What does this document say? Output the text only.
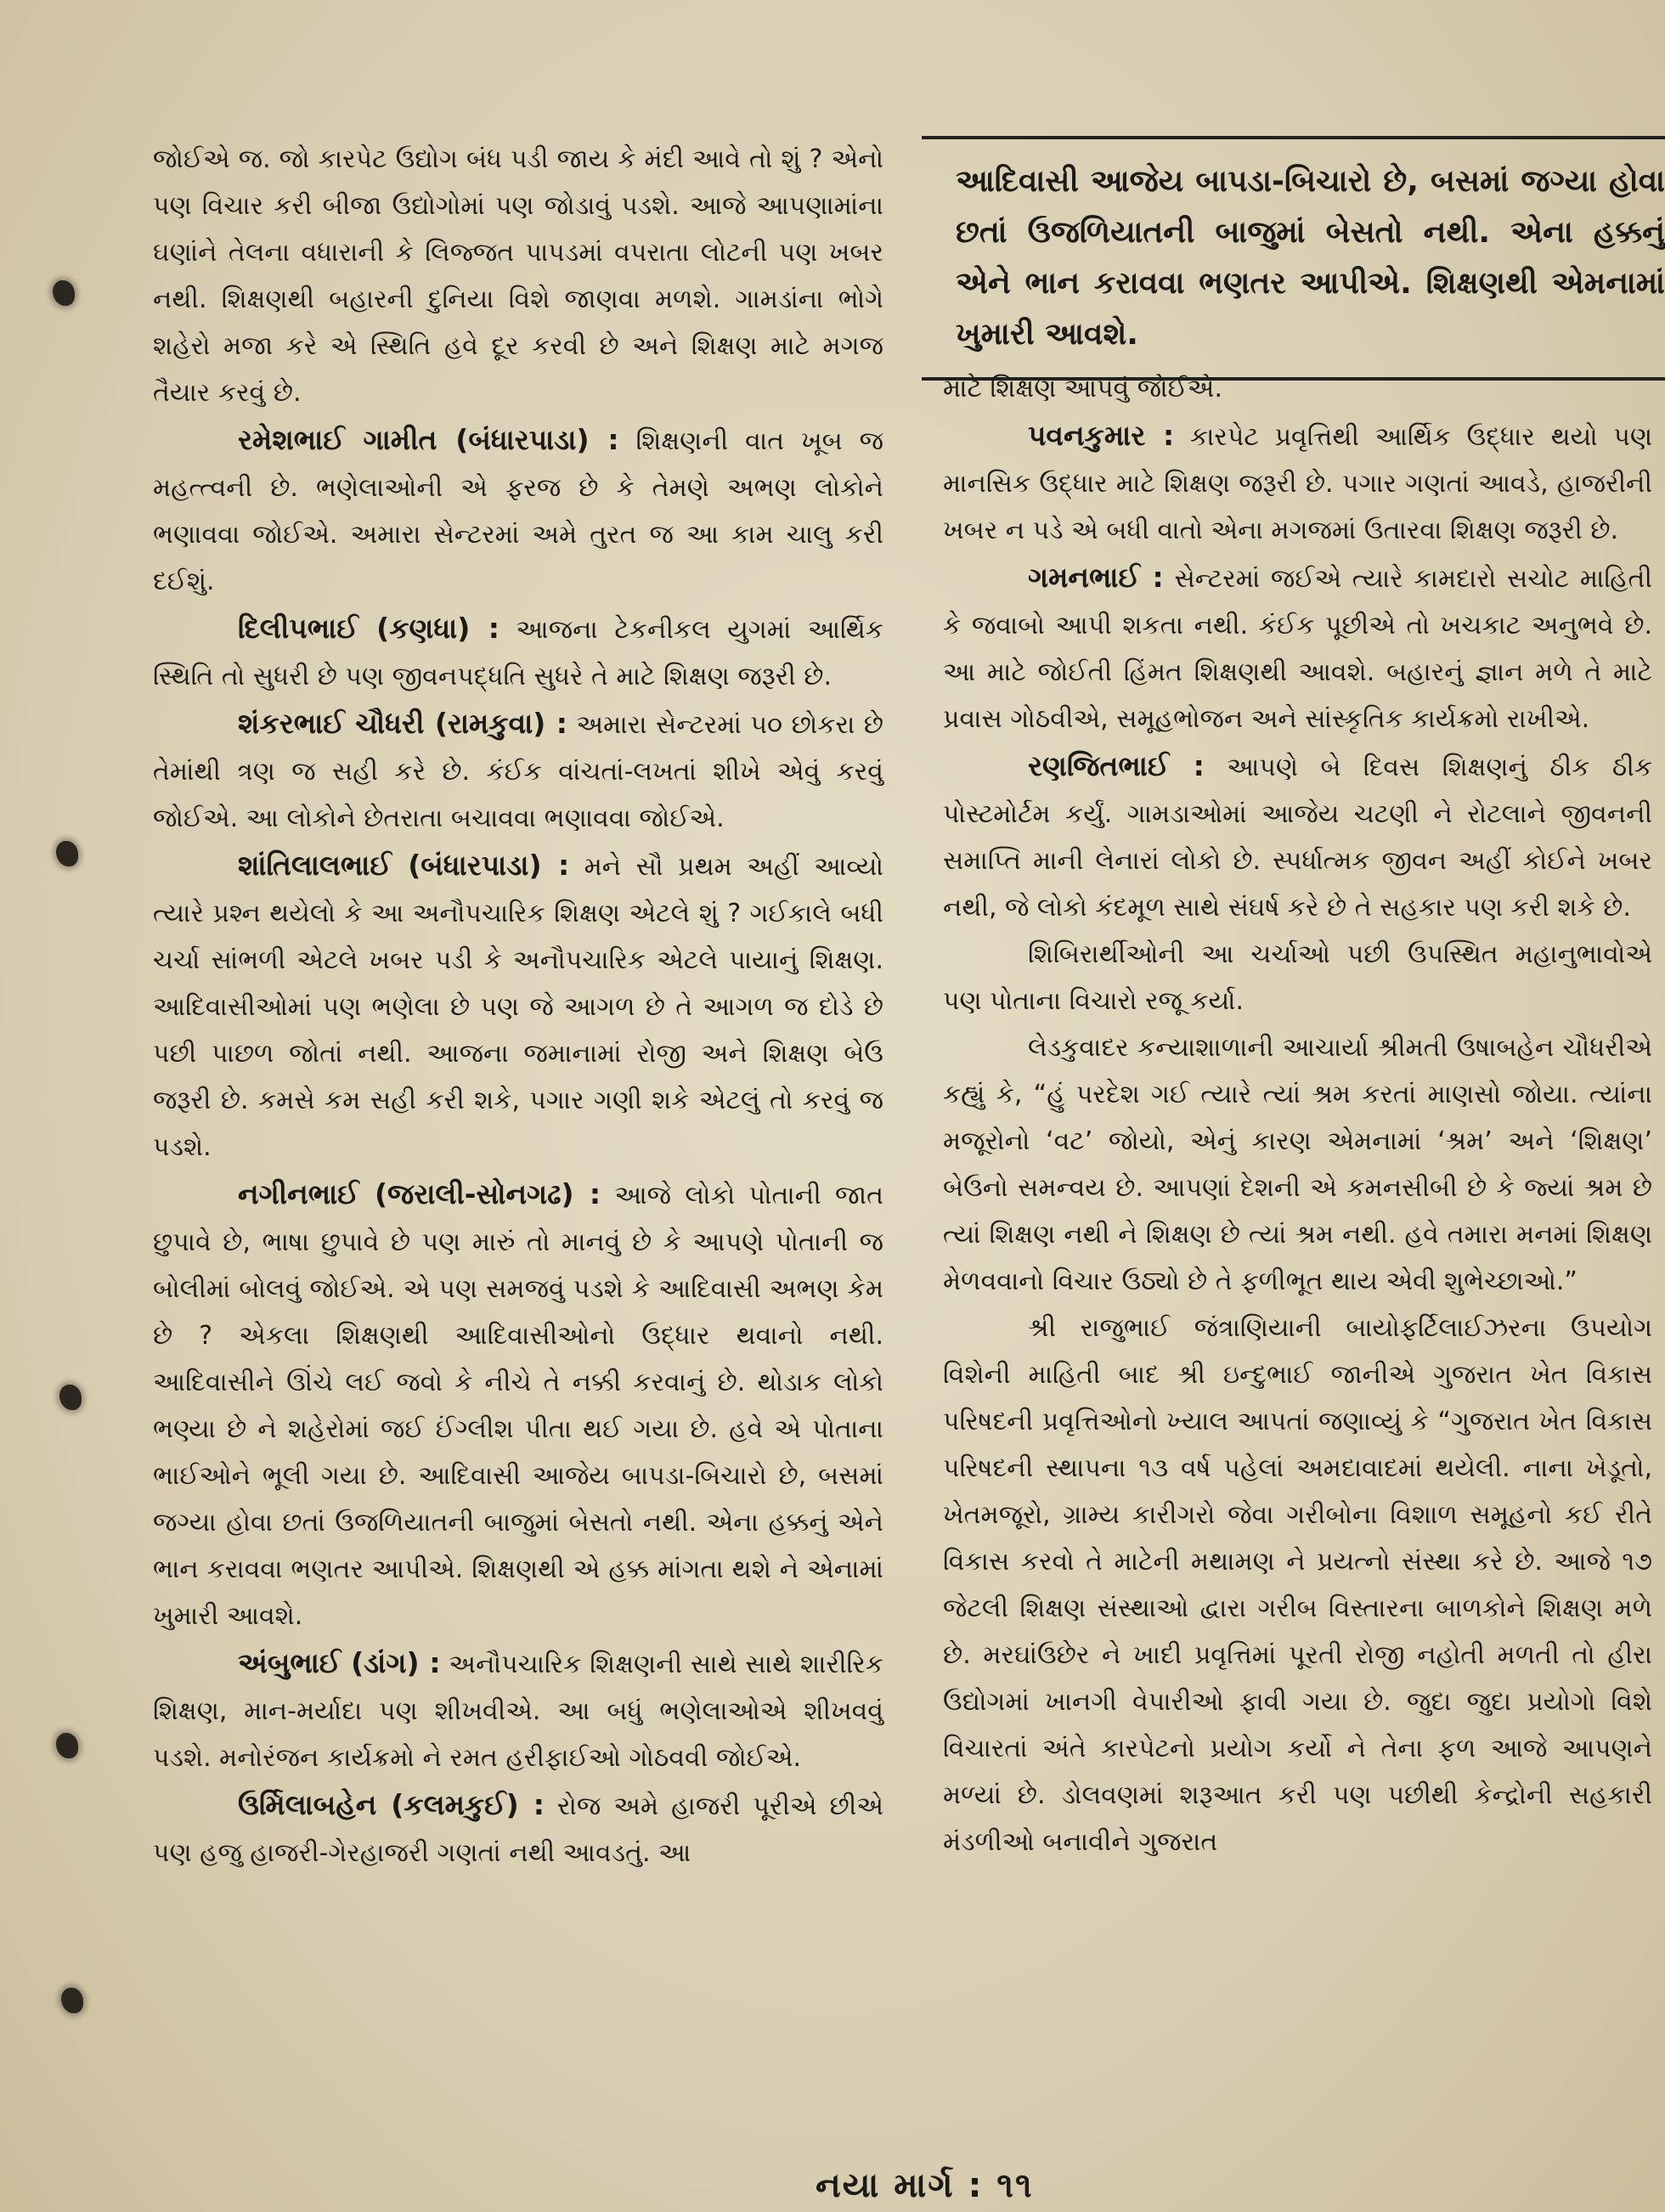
જોઈએ જ. જો કારપેટ ઉદ્યોગ બંધ પડી જાય કે મંદી આવે તો શું ? એનો પણ વિચાર કરી બીજા ઉદ્યોગોમાં પણ જોડાવું પડશે. આજે આપણામાંના ઘણાંને તેલના વધારાની કે લિજ્જત પાપડમાં વપરાતા લોટની પણ ખબર નથી. શિક્ષણથી બહારની દુનિયા વિશે જાણવા મળશે. ગામડાંના ભોગે શહેરો મજા કરે એ સ્થિતિ હવે દૂર કરવી છે અને શિક્ષણ માટે મગજ તૈયાર કરવું છે.

રમેશભાઈ ગામીત (બંધારપાડા) : શિક્ષણની વાત ખૂબ જ મહત્ત્વની છે. ભણેલાઓની એ ફરજ છે કે તેમણે અભણ લોકોને ભણાવવા જોઈએ. અમારા સેન્ટરમાં અમે તુરત જ આ કામ ચાલુ કરી દઈશું.

દિલીપભાઈ (કણધા) : આજના ટેકનીકલ યુગમાં આર્થિક સ્થિતિ તો સુધરી છે પણ જીવનપદ્ધતિ સુધરે તે માટે શિક્ષણ જરૂરી છે.

શંકરભાઈ ચૌધરી (રામકુવા) : અમારા સેન્ટરમાં ૫૦ છોકરા છે તેમાંથી ત્રણ જ સહી કરે છે. કંઈક વાંચતાં-લખતાં શીખે એવું કરવું જોઈએ. આ લોકોને છેતરાતા બચાવવા ભણાવવા જોઈએ.

શાંતિલાલભાઈ (બંધારપાડા) : મને સૌ પ્રથમ અહીં આવ્યો ત્યારે પ્રશ્ન થયેલો કે આ અનૌપચારિક શિક્ષણ એટલે શું ? ગઈકાલે બધી ચર્ચા સાંભળી એટલે ખબર પડી કે અનૌપચારિક એટલે પાયાનું શિક્ષણ. આદિવાસીઓમાં પણ ભણેલા છે પણ જે આગળ છે તે આગળ જ દોડે છે પછી પાછળ જોતાં નથી. આજના જમાનામાં રોજી અને શિક્ષણ બેઉ જરૂરી છે. કમસે કમ સહી કરી શકે, પગાર ગણી શકે એટલું તો કરવું જ પડશે.

નગીનભાઈ (જરાલી-સોનગઢ) : આજે લોકો પોતાની જાત છુપાવે છે, ભાષા છુપાવે છે પણ મારું તો માનવું છે કે આપણે પોતાની જ બોલીમાં બોલવું જોઈએ. એ પણ સમજવું પડશે કે આદિવાસી અભણ કેમ છે ? એકલા શિક્ષણથી આદિવાસીઓનો ઉદ્ધાર થવાનો નથી. આદિવાસીને ઊંચે લઈ જવો કે નીચે તે નક્કી કરવાનું છે. થોડાક લોકો ભણ્યા છે ને શહેરોમાં જઈ ઈંગ્લીશ પીતા થઈ ગયા છે. હવે એ પોતાના ભાઈઓને ભૂલી ગયા છે. આદિવાસી આજેય બાપડા-બિચારો છે, બસમાં જગ્યા હોવા છતાં ઉજળિયાતની બાજુમાં બેસતો નથી. એના હક્કનું એને ભાન કરાવવા ભણતર આપીએ. શિક્ષણથી એ હક્ક માંગતા થશે ને એનામાં ખુમારી આવશે.

અંબુભાઈ (ડાંગ) : અનૌપચારિક શિક્ષણની સાથે સાથે શારીરિક શિક્ષણ, માન-મર્યાદા પણ શીખવીએ. આ બધું ભણેલાઓએ શીખવવું પડશે. મનોરંજન કાર્યક્રમો ને રમત હરીફાઈઓ ગોઠવવી જોઈએ.

ઉર્મિલાબહેન (કલમકુઈ) : રોજ અમે હાજરી પૂરીએ છીએ પણ હજુ હાજરી-ગેરહાજરી ગણતાં નથી આવડતું. આ

આદિવાસી આજેય બાપડા-બિચારો છે, બસમાં જગ્યા હોવા છતાં ઉજળિયાતની બાજુમાં બેસતો નથી. એના હક્કનું એને ભાન કરાવવા ભણતર આપીએ. શિક્ષણથી એમનામાં ખુમારી આવશે.

માટે શિક્ષણ આપવું જોઈએ.

પવનકુમાર : કારપેટ પ્રવૃત્તિથી આર્થિક ઉદ્ધાર થયો પણ માનસિક ઉદ્ધાર માટે શિક્ષણ જરૂરી છે. પગાર ગણતાં આવડે, હાજરીની ખબર ન પડે એ બધી વાતો એના મગજમાં ઉતારવા શિક્ષણ જરૂરી છે.

ગમનભાઈ : સેન્ટરમાં જઈએ ત્યારે કામદારો સચોટ માહિતી કે જવાબો આપી શકતા નથી. કંઈક પૂછીએ તો ખચકાટ અનુભવે છે. આ માટે જોઈતી હિંમત શિક્ષણથી આવશે. બહારનું જ્ઞાન મળે તે માટે પ્રવાસ ગોઠવીએ, સમૂહભોજન અને સાંસ્કૃતિક કાર્યક્રમો રાખીએ.

રણજિતભાઈ : આપણે બે દિવસ શિક્ષણનું ઠીક ઠીક પોસ્ટમોર્ટમ કર્યું. ગામડાઓમાં આજેય ચટણી ને રોટલાને જીવનની સમાપ્તિ માની લેનારાં લોકો છે. સ્પર્ધાત્મક જીવન અહીં કોઈને ખબર નથી, જે લોકો કંદમૂળ સાથે સંઘર્ષ કરે છે તે સહકાર પણ કરી શકે છે.

શિબિરાર્થીઓની આ ચર્ચાઓ પછી ઉપસ્થિત મહાનુભાવોએ પણ પોતાના વિચારો રજૂ કર્યા.

લેડકુવાદર કન્યાશાળાની આચાર્યા શ્રીમતી ઉષાબહેન ચૌધરીએ કહ્યું કે, “હું પરદેશ ગઈ ત્યારે ત્યાં શ્રમ કરતાં માણસો જોયા. ત્યાંના મજૂરોનો ‘વટ’ જોયો, એનું કારણ એમનામાં ‘શ્રમ’ અને ‘શિક્ષણ’ બેઉનો સમન્વય છે. આપણાં દેશની એ કમનસીબી છે કે જ્યાં શ્રમ છે ત્યાં શિક્ષણ નથી ને શિક્ષણ છે ત્યાં શ્રમ નથી. હવે તમારા મનમાં શિક્ષણ મેળવવાનો વિચાર ઉઠ્યો છે તે ફળીભૂત થાય એવી શુભેચ્છાઓ.”

શ્રી રાજુભાઈ જંત્રાણિયાની બાયોફર્ટિલાઈઝરના ઉપયોગ વિશેની માહિતી બાદ શ્રી ઇન્દુભાઈ જાનીએ ગુજરાત ખેત વિકાસ પરિષદની પ્રવૃત્તિઓનો ખ્યાલ આપતાં જણાવ્યું કે “ગુજરાત ખેત વિકાસ પરિષદની સ્થાપના ૧૩ વર્ષ પહેલાં અમદાવાદમાં થયેલી. નાના ખેડૂતો, ખેતમજૂરો, ગ્રામ્ય કારીગરો જેવા ગરીબોના વિશાળ સમૂહનો કઈ રીતે વિકાસ કરવો તે માટેની મથામણ ને પ્રયત્નો સંસ્થા કરે છે. આજે ૧૭ જેટલી શિક્ષણ સંસ્થાઓ દ્વારા ગરીબ વિસ્તારના બાળકોને શિક્ષણ મળે છે. મરઘાંઉછેર ને ખાદી પ્રવૃત્તિમાં પૂરતી રોજી નહોતી મળતી તો હીરા ઉદ્યોગમાં ખાનગી વેપારીઓ ફાવી ગયા છે. જુદા જુદા પ્રયોગો વિશે વિચારતાં અંતે કારપેટનો પ્રયોગ કર્યો ને તેના ફળ આજે આપણને મળ્યાં છે. ડોલવણમાં શરૂઆત કરી પણ પછીથી કેન્દ્રોની સહકારી મંડળીઓ બનાવીને ગુજરાત

નયા માર્ગ : ૧૧
